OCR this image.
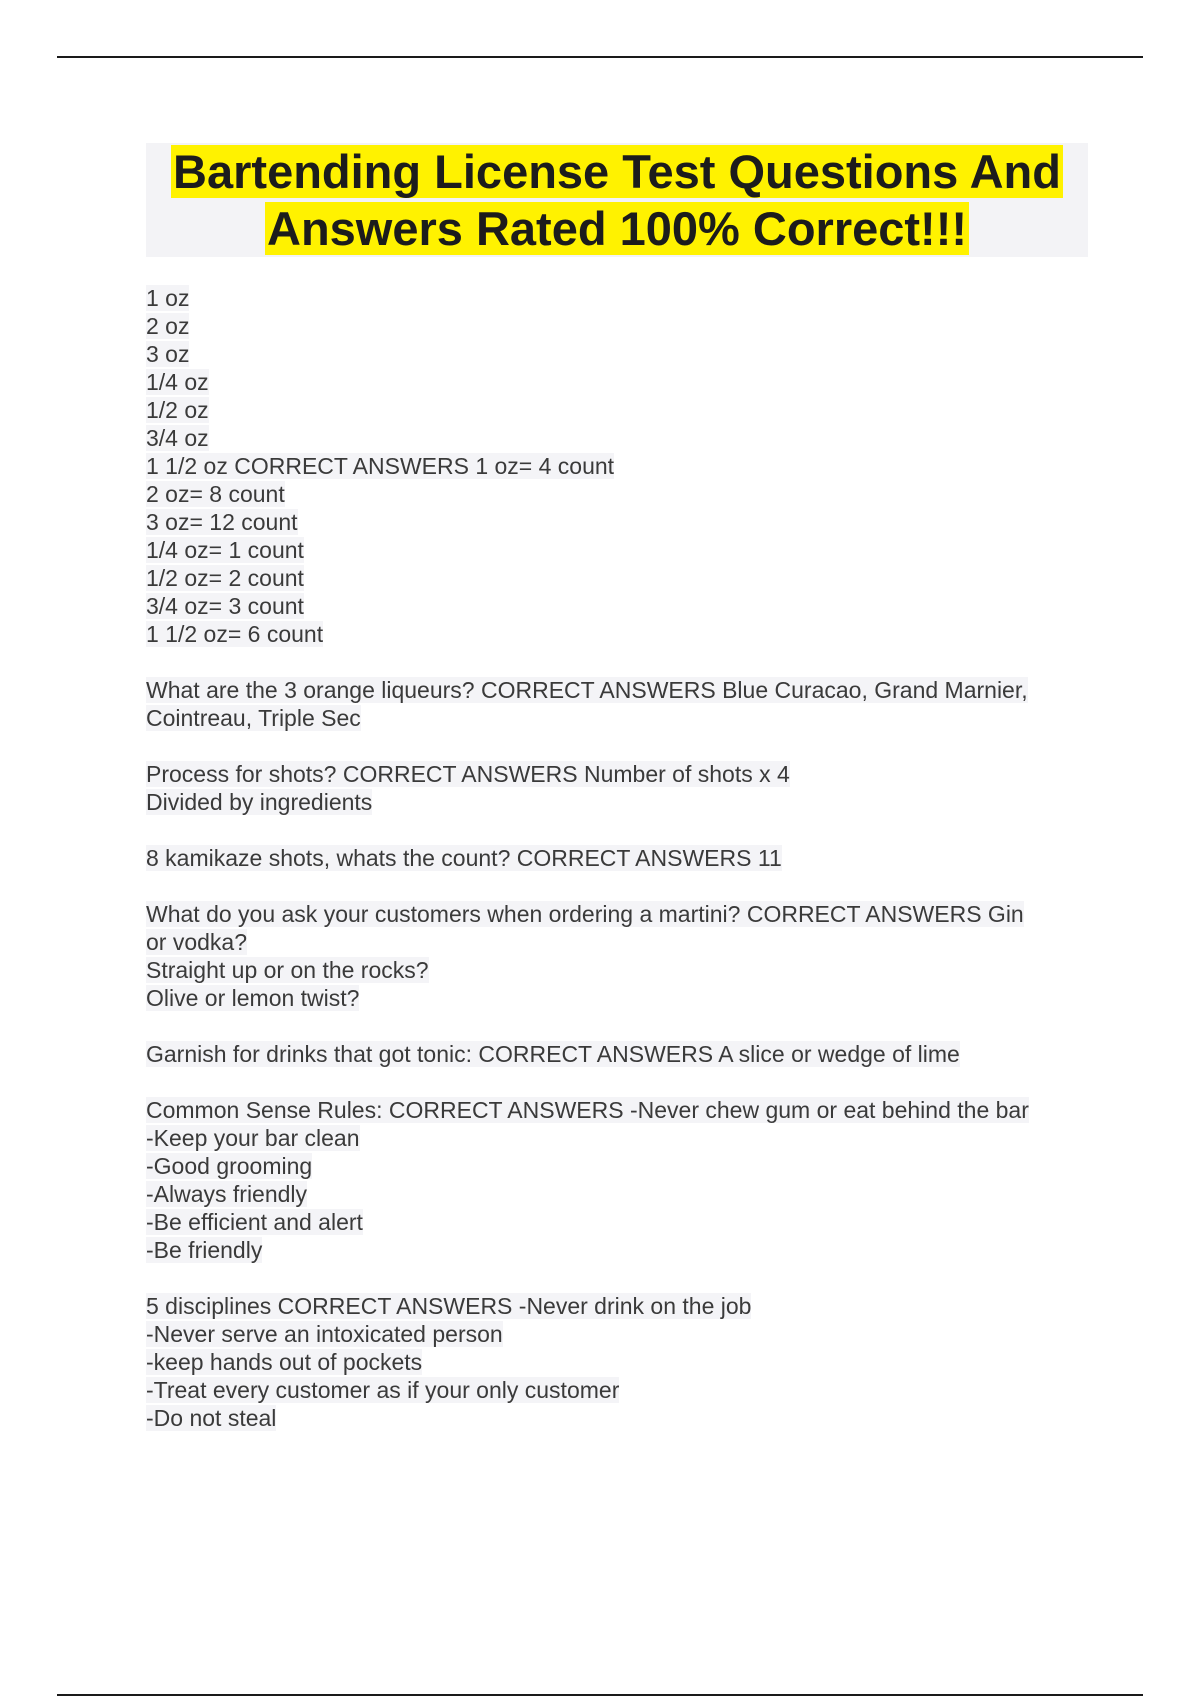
Bartending License Test Questions And
Answers Rated 100% Correct!!!

1 oz
2 oz
3 oz
1/4 oz
1/2 oz
3/4 oz
1 1/2 oz CORRECT ANSWERS 1 oz= 4 count
2 oz= 8 count
3 oz= 12 count
1/4 oz= 1 count
1/2 oz= 2 count
3/4 oz= 3 count
1 1/2 oz= 6 count

What are the 3 orange liqueurs? CORRECT ANSWERS Blue Curacao, Grand Marnier,
Cointreau, Triple Sec

Process for shots? CORRECT ANSWERS Number of shots x 4
Divided by ingredients

8 kamikaze shots, whats the count? CORRECT ANSWERS 11

What do you ask your customers when ordering a martini? CORRECT ANSWERS Gin
or vodka?
Straight up or on the rocks?
Olive or lemon twist?

Garnish for drinks that got tonic: CORRECT ANSWERS A slice or wedge of lime

Common Sense Rules: CORRECT ANSWERS -Never chew gum or eat behind the bar
-Keep your bar clean
-Good grooming
-Always friendly
-Be efficient and alert
-Be friendly

5 disciplines CORRECT ANSWERS -Never drink on the job
-Never serve an intoxicated person
-keep hands out of pockets
-Treat every customer as if your only customer
-Do not steal
